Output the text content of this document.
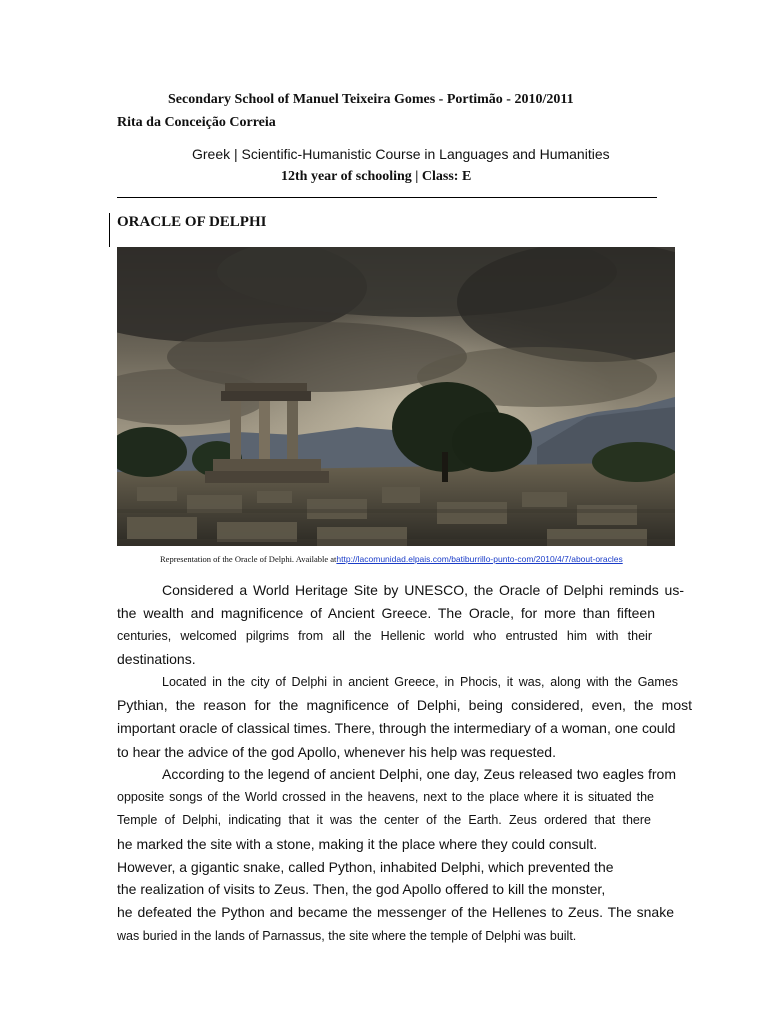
Secondary School of Manuel Teixeira Gomes - Portimão - 2010/2011
Rita da Conceição Correia
Greek | Scientific-Humanistic Course in Languages and Humanities
12th year of schooling | Class: E
ORACLE OF DELPHI
Representation of the Oracle of Delphi. Available athttp://lacomunidad.elpais.com/batiburrillo-punto-com/2010/4/7/about-oracles
Considered a World Heritage Site by UNESCO, the Oracle of Delphi reminds us-
the wealth and magnificence of Ancient Greece. The Oracle, for more than fifteen
centuries, welcomed pilgrims from all the Hellenic world who entrusted him with their
destinations.
Located in the city of Delphi in ancient Greece, in Phocis, it was, along with the Games
Pythian, the reason for the magnificence of Delphi, being considered, even, the most
important oracle of classical times. There, through the intermediary of a woman, one could
to hear the advice of the god Apollo, whenever his help was requested.
According to the legend of ancient Delphi, one day, Zeus released two eagles from
opposite songs of the World crossed in the heavens, next to the place where it is situated the
Temple of Delphi, indicating that it was the center of the Earth. Zeus ordered that there
he marked the site with a stone, making it the place where they could consult.
However, a gigantic snake, called Python, inhabited Delphi, which prevented the
the realization of visits to Zeus. Then, the god Apollo offered to kill the monster,
he defeated the Python and became the messenger of the Hellenes to Zeus. The snake
was buried in the lands of Parnassus, the site where the temple of Delphi was built.
